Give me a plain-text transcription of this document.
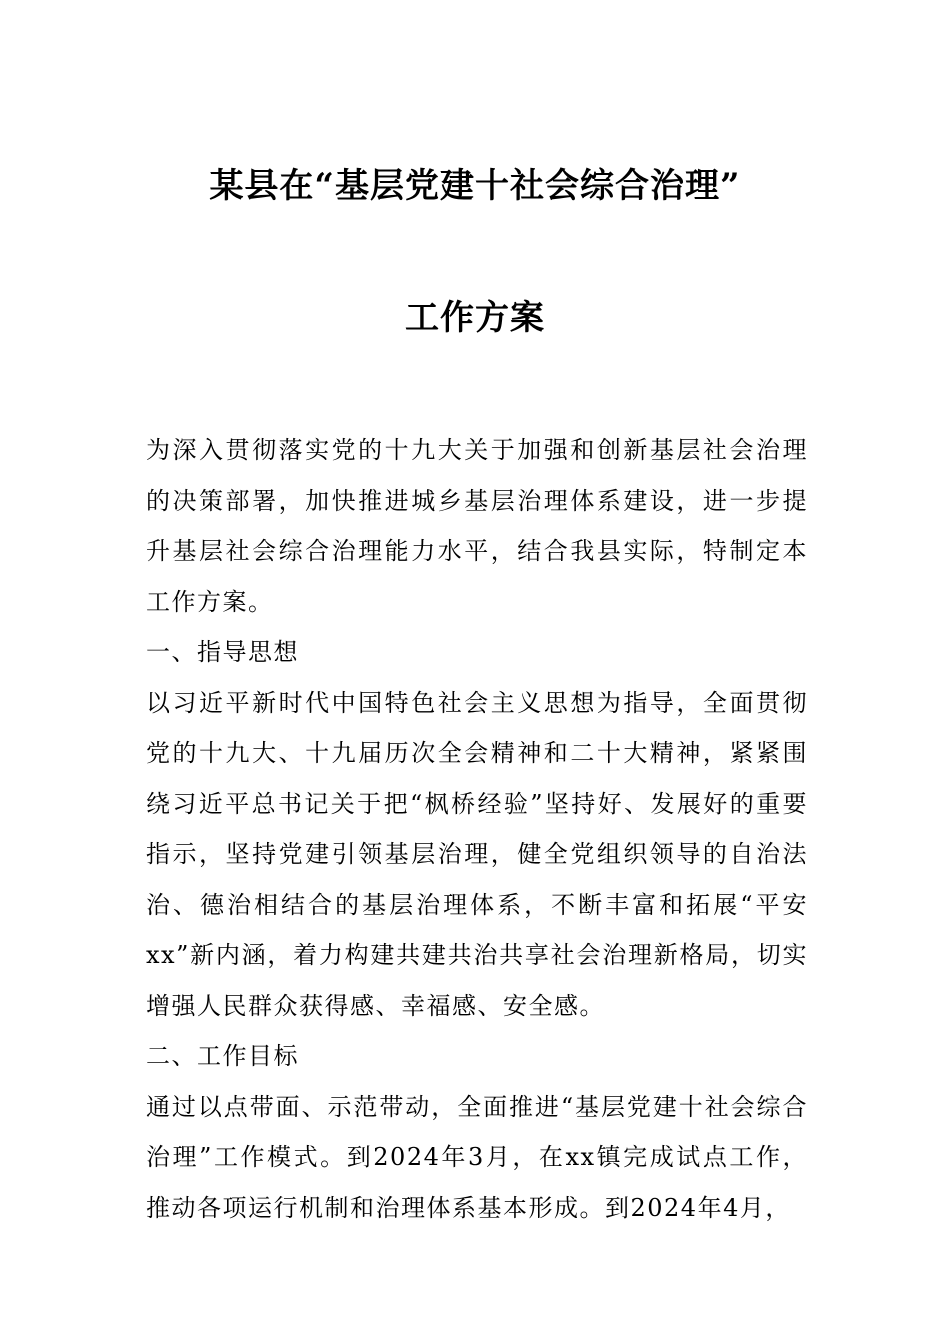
某县在“基层党建十社会综合治理”
工作方案

为深入贯彻落实党的十九大关于加强和创新基层社会治理的决策部署，加快推进城乡基层治理体系建设，进一步提升基层社会综合治理能力水平，结合我县实际，特制定本工作方案。

一、指导思想

以习近平新时代中国特色社会主义思想为指导，全面贯彻党的十九大、十九届历次全会精神和二十大精神，紧紧围绕习近平总书记关于把“枫桥经验”坚持好、发展好的重要指示，坚持党建引领基层治理，健全党组织领导的自治法治、德治相结合的基层治理体系，不断丰富和拓展“平安xx”新内涵，着力构建共建共治共享社会治理新格局，切实增强人民群众获得感、幸福感、安全感。

二、工作目标

通过以点带面、示范带动，全面推进“基层党建十社会综合治理”工作模式。到2024年3月，在xx镇完成试点工作，推动各项运行机制和治理体系基本形成。到2024年4月，
